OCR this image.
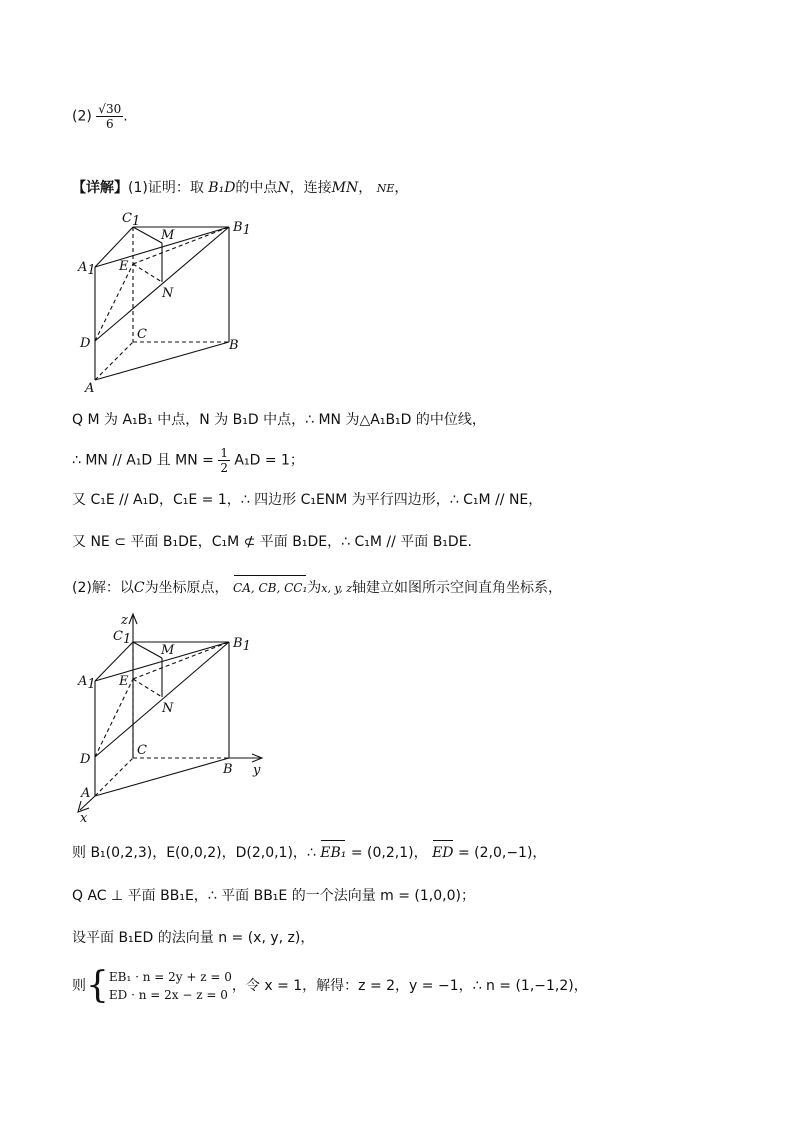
$(2) \frac{√30}{6}$ .
【详解】(1)证明：取 B₁D的中点N，连接MN， NE，
C1	B1
A1
M
E
N
D
C
B
A
Q M 为 A₁B₁ 中点，N 为 B₁D 中点，∴ MN 为△A₁B₁D 的中位线，
∴ MN // A₁D 且 MN = $\frac{1}{2} A_1D = 1$；
又 C₁E // A₁D，C₁E = 1，∴ 四边形 C₁ENM 为平行四边形，∴ C₁M // NE，
又 NE ⊂ 平面 B₁DE，C₁M ⊄ 平面 B₁DE，∴ C₁M // 平面 B₁DE.
(2)解：以C为坐标原点， CA, CB, CC₁为x, y, z轴建立如图所示空间直角坐标系，
z
y
x
C1	B1
A1
M
E
N
D
C
B
A
则 B₁(0,2,3)，E(0,0,2)，D(2,0,1)，∴ EB₁ = (0,2,1)， ED = (2,0,−1)，
Q AC ⊥ 平面 BB₁E，∴ 平面 BB₁E 的一个法向量 m = (1,0,0)；
设平面 B₁ED 的法向量 n = (x, y, z)，
则{ EB₁ · n = 2y + z = 0
ED · n = 2x − z = 0
，令 x = 1，解得：z = 2，y = −1，∴ n = (1,−1,2)，
